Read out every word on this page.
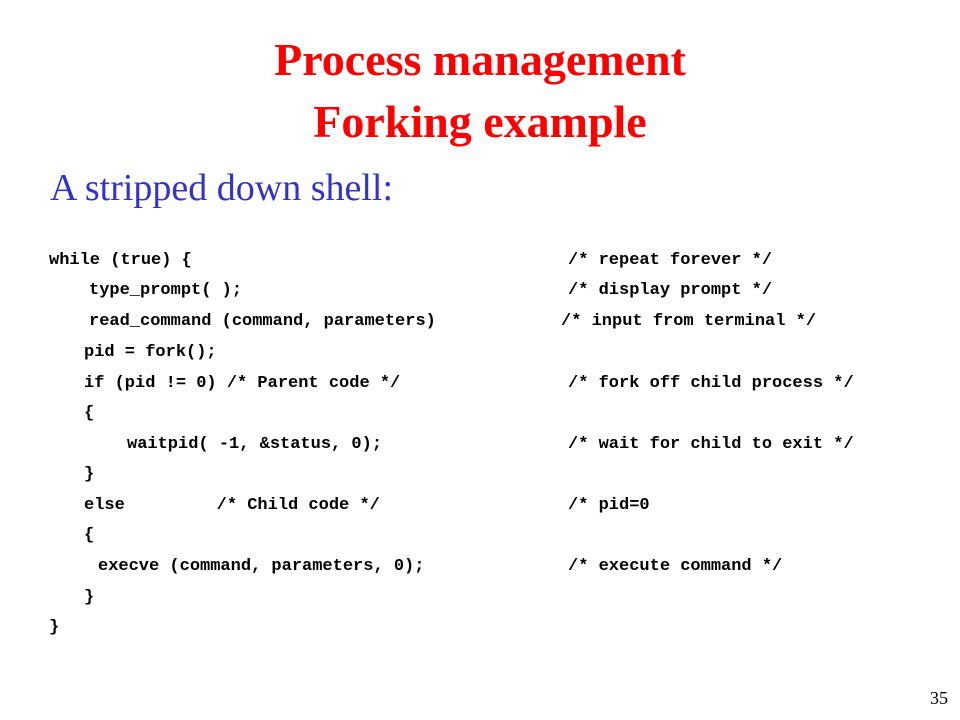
Process management
Forking example
A stripped down shell:
while (true) {
type_prompt( );
read_command (command, parameters)
pid = fork();
if (pid != 0) /* Parent code */
{
waitpid( -1, &status, 0);
}
else         /* Child code */
{
execve (command, parameters, 0);
}
}
/* repeat forever */
/* display prompt */
/* input from terminal */
/* fork off child process */
/* wait for child to exit */
/* pid=0
/* execute command */
35
